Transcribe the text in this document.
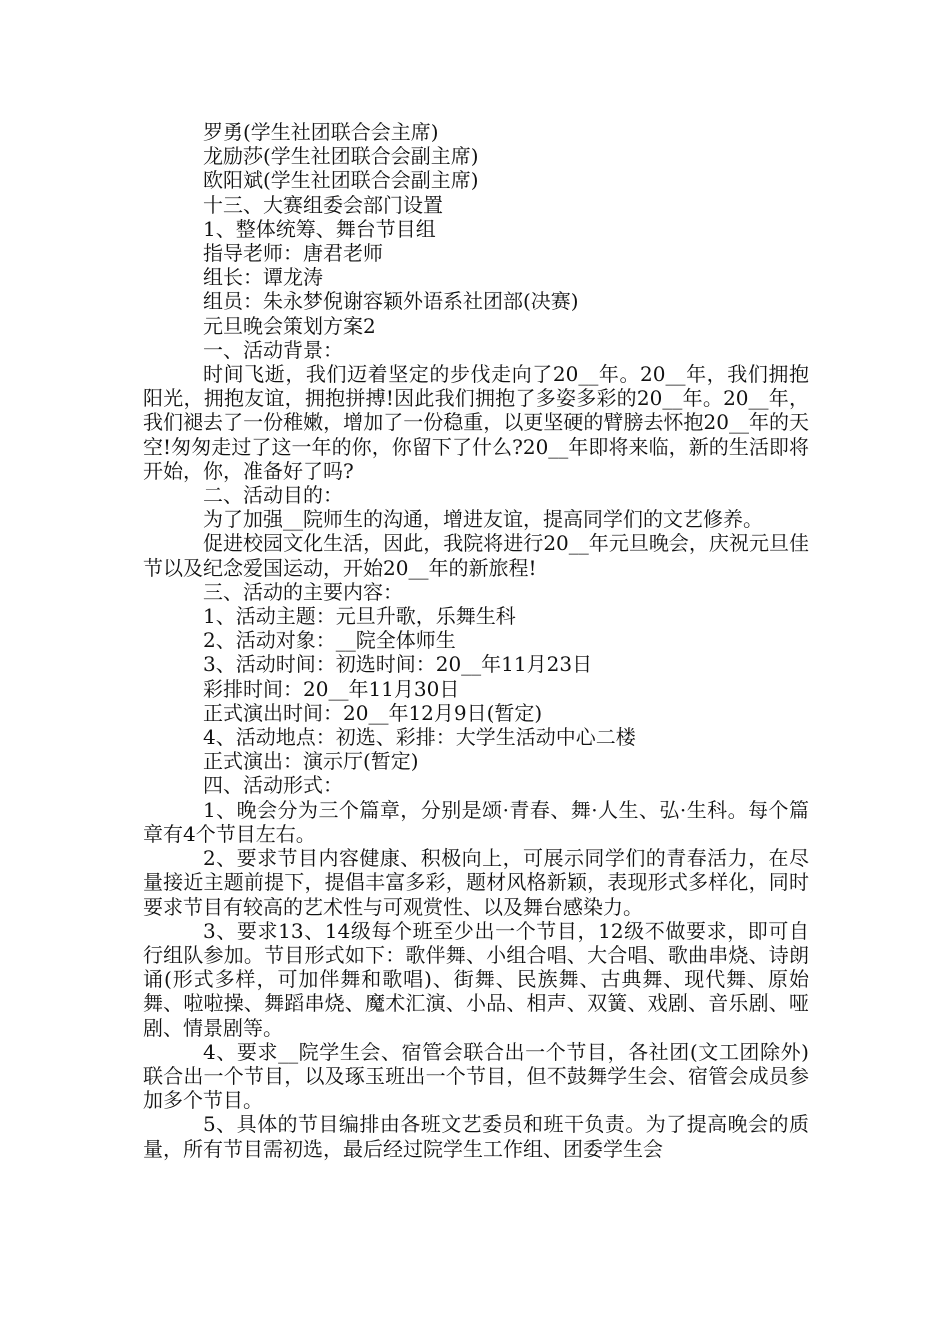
罗勇(学生社团联合会主席)

龙励莎(学生社团联合会副主席)

欧阳斌(学生社团联合会副主席)

十三、大赛组委会部门设置

1、整体统筹、舞台节目组

指导老师：唐君老师

组长：谭龙涛

组员：朱永梦倪谢容颖外语系社团部(决赛)

元旦晚会策划方案2

一、活动背景：

时间飞逝，我们迈着坚定的步伐走向了20__年。20__年，我们拥抱阳光，拥抱友谊，拥抱拼搏!因此我们拥抱了多姿多彩的20__年。20__年，我们褪去了一份稚嫩，增加了一份稳重，以更坚硬的臂膀去怀抱20__年的天空!匆匆走过了这一年的你，你留下了什么?20__年即将来临，新的生活即将开始，你，准备好了吗?

二、活动目的：

为了加强__院师生的沟通，增进友谊，提高同学们的文艺修养。

促进校园文化生活，因此，我院将进行20__年元旦晚会，庆祝元旦佳节以及纪念爱国运动，开始20__年的新旅程!

三、活动的主要内容：

1、活动主题：元旦升歌，乐舞生科

2、活动对象：__院全体师生

3、活动时间：初选时间：20__年11月23日

彩排时间：20__年11月30日

正式演出时间：20__年12月9日(暂定)

4、活动地点：初选、彩排：大学生活动中心二楼

正式演出：演示厅(暂定)

四、活动形式：

1、晚会分为三个篇章，分别是颂·青春、舞·人生、弘·生科。每个篇章有4个节目左右。

2、要求节目内容健康、积极向上，可展示同学们的青春活力，在尽量接近主题前提下，提倡丰富多彩，题材风格新颖，表现形式多样化，同时要求节目有较高的艺术性与可观赏性、以及舞台感染力。

3、要求13、14级每个班至少出一个节目，12级不做要求，即可自行组队参加。节目形式如下：歌伴舞、小组合唱、大合唱、歌曲串烧、诗朗诵(形式多样，可加伴舞和歌唱)、街舞、民族舞、古典舞、现代舞、原始舞、啦啦操、舞蹈串烧、魔术汇演、小品、相声、双簧、戏剧、音乐剧、哑剧、情景剧等。

4、要求__院学生会、宿管会联合出一个节目，各社团(文工团除外)联合出一个节目，以及琢玉班出一个节目，但不鼓舞学生会、宿管会成员参加多个节目。

5、具体的节目编排由各班文艺委员和班干负责。为了提高晚会的质量，所有节目需初选，最后经过院学生工作组、团委学生会
